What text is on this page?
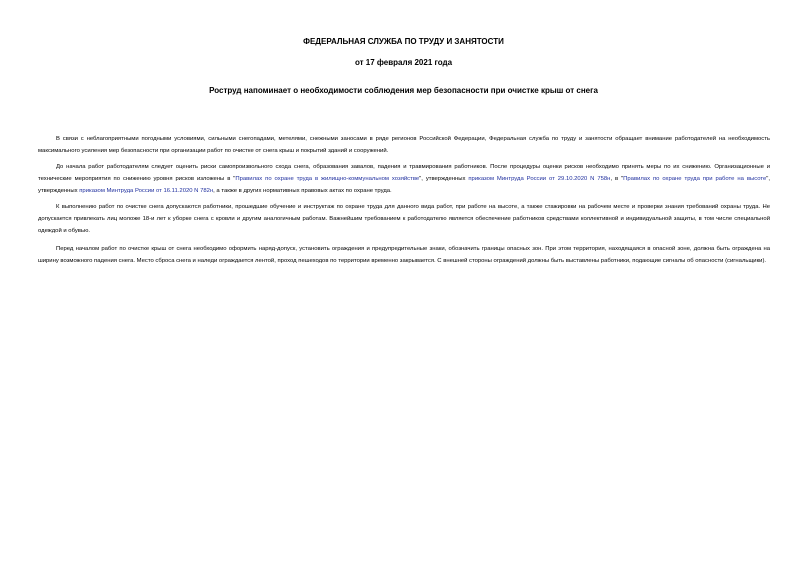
ФЕДЕРАЛЬНАЯ СЛУЖБА ПО ТРУДУ И ЗАНЯТОСТИ
от 17 февраля 2021 года
Роструд напоминает о необходимости соблюдения мер безопасности при очистке крыш от снега

В связи с неблагоприятными погодными условиями, сильными снегопадами, метелями, снежными заносами в ряде регионов Российской Федерации, Федеральная служба по труду и занятости обращает внимание работодателей на необходимость максимального усиления мер безопасности при организации работ по очистке от снега крыш и покрытий зданий и сооружений.

До начала работ работодателям следует оценить риски самопроизвольного схода снега, образования завалов, падения и травмирования работников. После процедуры оценки рисков необходимо принять меры по их снижению. Организационные и технические мероприятия по снижению уровня рисков изложены в "Правилах по охране труда в жилищно-коммунальном хозяйстве", утвержденных приказом Минтруда России от 29.10.2020 N 758н, в "Правилах по охране труда при работе на высоте", утвержденных приказом Минтруда России от 16.11.2020 N 782н, а также в других нормативных правовых актах по охране труда.

К выполнению работ по очистке снега допускаются работники, прошедшие обучение и инструктаж по охране труда для данного вида работ, при работе на высоте, а также стажировки на рабочем месте и проверки знания требований охраны труда. Не допускается привлекать лиц моложе 18-и лет к уборке снега с кровли и другим аналогичным работам. Важнейшим требованием к работодателю является обеспечение работников средствами коллективной и индивидуальной защиты, в том числе специальной одеждой и обувью.

Перед началом работ по очистке крыш от снега необходимо оформить наряд-допуск, установить ограждения и предупредительные знаки, обозначить границы опасных зон. При этом территория, находящаяся в опасной зоне, должна быть ограждена на ширину возможного падения снега. Место сброса снега и наледи ограждается лентой, проход пешеходов по территории временно закрывается. С внешней стороны ограждений должны быть выставлены работники, подающие сигналы об опасности (сигнальщики).
